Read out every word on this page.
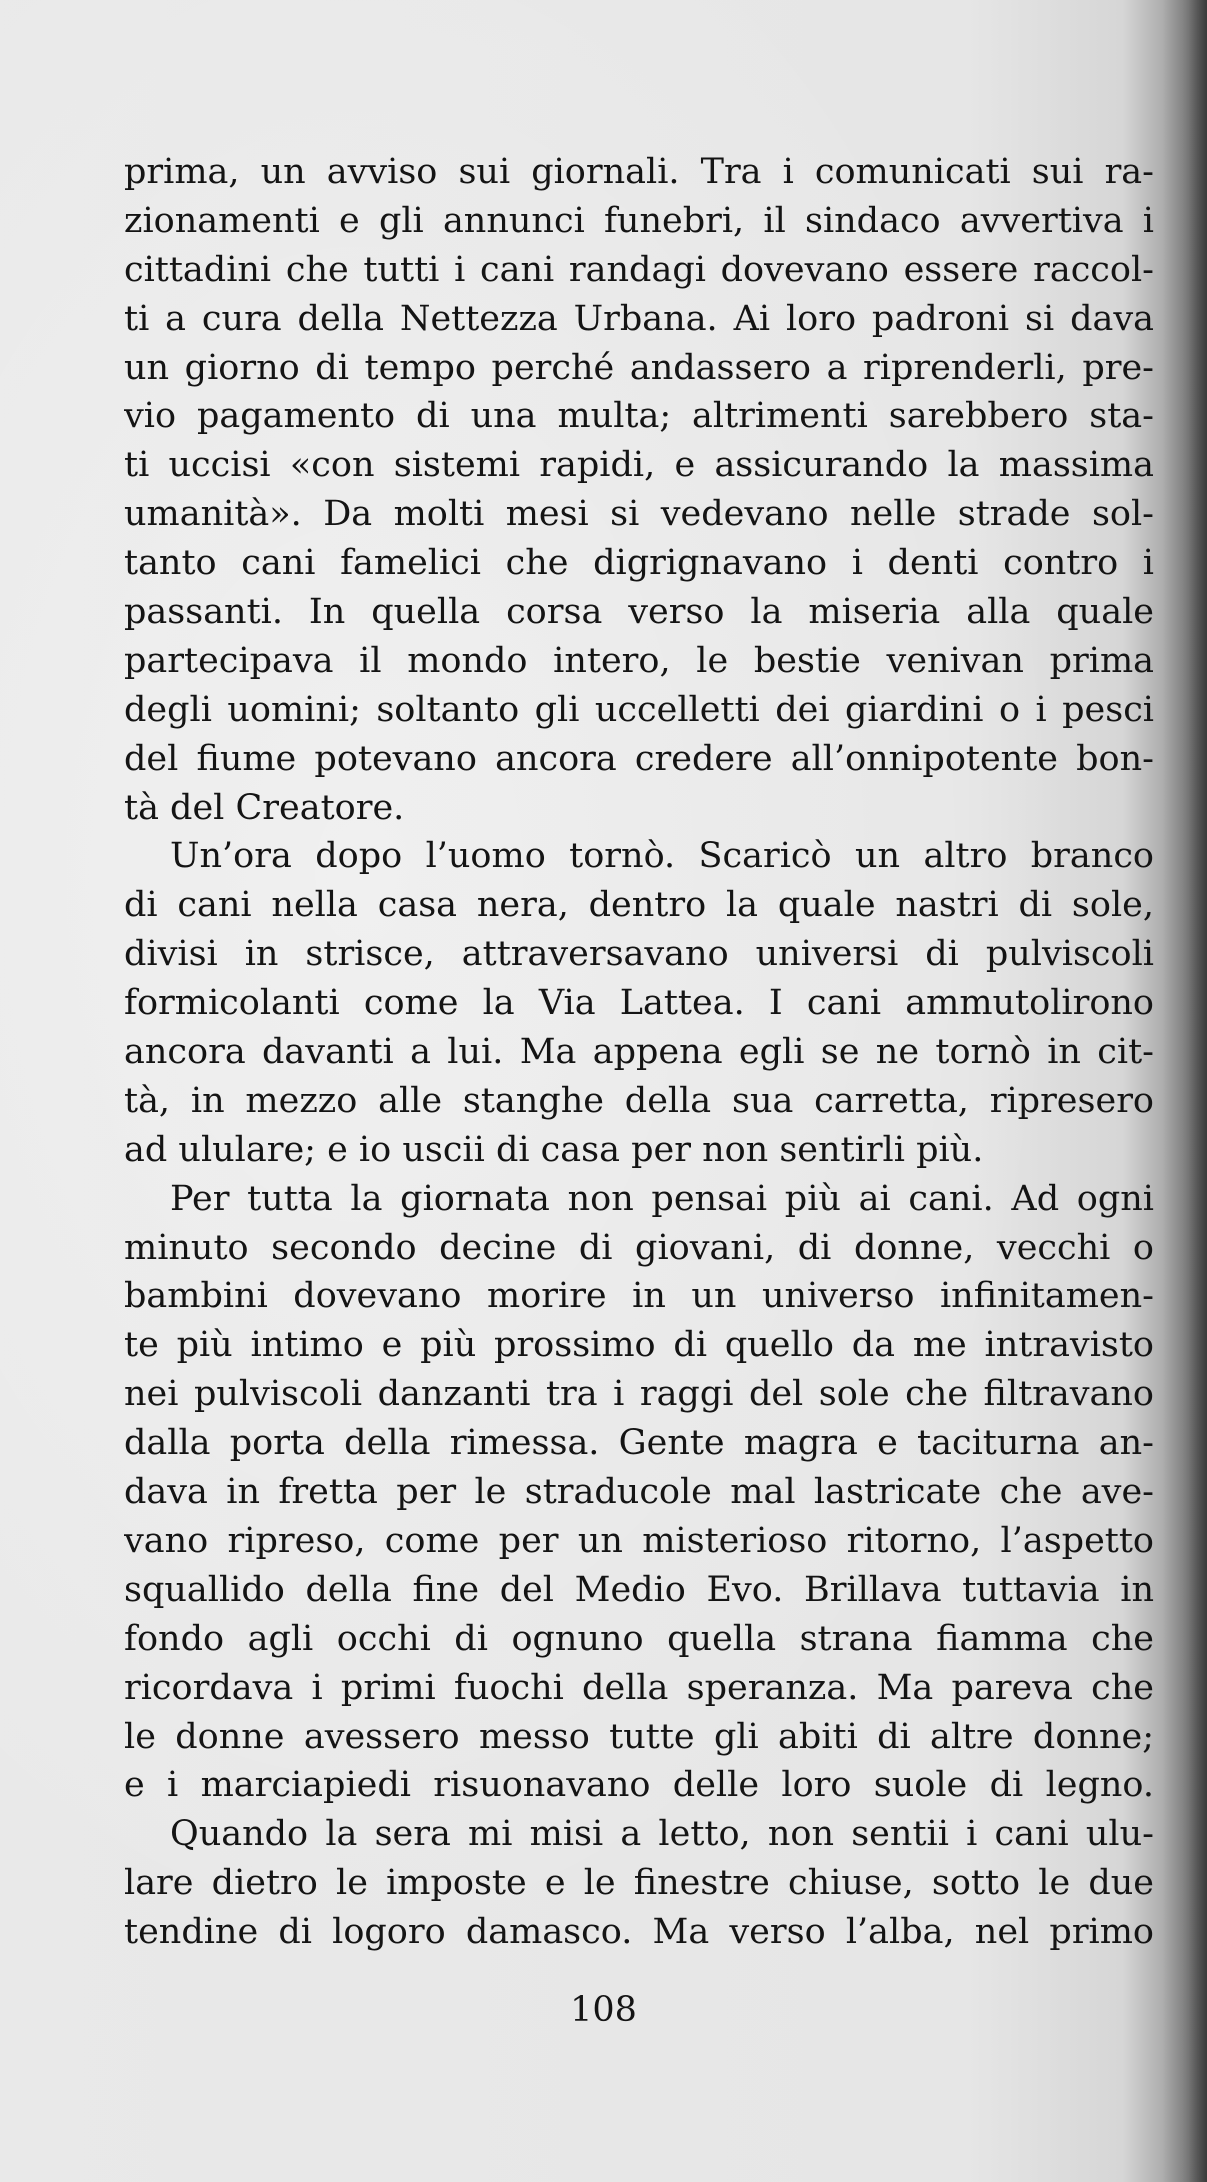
prima, un avviso sui giornali. Tra i comunicati sui ra-
zionamenti e gli annunci funebri, il sindaco avvertiva i
cittadini che tutti i cani randagi dovevano essere raccol-
ti a cura della Nettezza Urbana. Ai loro padroni si dava
un giorno di tempo perché andassero a riprenderli, pre-
vio pagamento di una multa; altrimenti sarebbero sta-
ti uccisi «con sistemi rapidi, e assicurando la massima
umanità». Da molti mesi si vedevano nelle strade sol-
tanto cani famelici che digrignavano i denti contro i
passanti. In quella corsa verso la miseria alla quale
partecipava il mondo intero, le bestie venivan prima
degli uomini; soltanto gli uccelletti dei giardini o i pesci
del fiume potevano ancora credere all’onnipotente bon-
tà del Creatore.
Un’ora dopo l’uomo tornò. Scaricò un altro branco
di cani nella casa nera, dentro la quale nastri di sole,
divisi in strisce, attraversavano universi di pulviscoli
formicolanti come la Via Lattea. I cani ammutolirono
ancora davanti a lui. Ma appena egli se ne tornò in cit-
tà, in mezzo alle stanghe della sua carretta, ripresero
ad ululare; e io uscii di casa per non sentirli più.
Per tutta la giornata non pensai più ai cani. Ad ogni
minuto secondo decine di giovani, di donne, vecchi o
bambini dovevano morire in un universo infinitamen-
te più intimo e più prossimo di quello da me intravisto
nei pulviscoli danzanti tra i raggi del sole che filtravano
dalla porta della rimessa. Gente magra e taciturna an-
dava in fretta per le straducole mal lastricate che ave-
vano ripreso, come per un misterioso ritorno, l’aspetto
squallido della fine del Medio Evo. Brillava tuttavia in
fondo agli occhi di ognuno quella strana fiamma che
ricordava i primi fuochi della speranza. Ma pareva che
le donne avessero messo tutte gli abiti di altre donne;
e i marciapiedi risuonavano delle loro suole di legno.
Quando la sera mi misi a letto, non sentii i cani ulu-
lare dietro le imposte e le finestre chiuse, sotto le due
tendine di logoro damasco. Ma verso l’alba, nel primo
108
